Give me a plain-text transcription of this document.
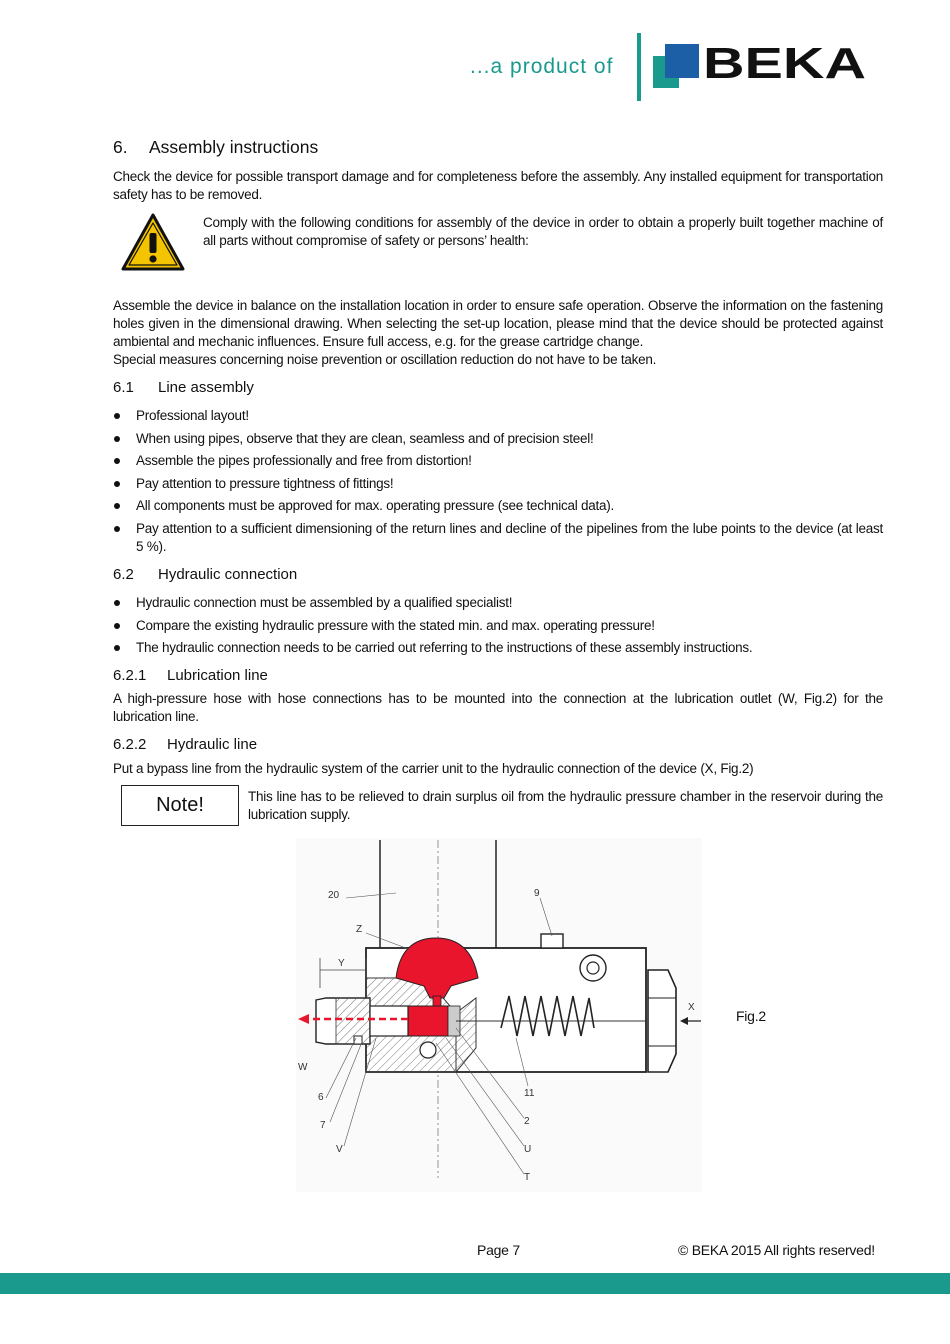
...a product of BEKA
6. Assembly instructions
Check the device for possible transport damage and for completeness before the assembly. Any installed equipment for transportation safety has to be removed.
Comply with the following conditions for assembly of the device in order to obtain a properly built together machine of all parts without compromise of safety or persons’ health:
Assemble the device in balance on the installation location in order to ensure safe operation. Observe the information on the fastening holes given in the dimensional drawing. When selecting the set-up location, please mind that the device should be protected against ambiental and mechanic influences. Ensure full access, e.g. for the grease cartridge change.
Special measures concerning noise prevention or oscillation reduction do not have to be taken.
6.1 Line assembly
Professional layout!
When using pipes, observe that they are clean, seamless and of precision steel!
Assemble the pipes professionally and free from distortion!
Pay attention to pressure tightness of fittings!
All components must be approved for max. operating pressure (see technical data).
Pay attention to a sufficient dimensioning of the return lines and decline of the pipelines from the lube points to the device (at least 5 %).
6.2 Hydraulic connection
Hydraulic connection must be assembled by a qualified specialist!
Compare the existing hydraulic pressure with the stated min. and max. operating pressure!
The hydraulic connection needs to be carried out referring to the instructions of these assembly instructions.
6.2.1 Lubrication line
A high-pressure hose with hose connections has to be mounted into the connection at the lubrication outlet (W, Fig.2) for the lubrication line.
6.2.2 Hydraulic line
Put a bypass line from the hydraulic system of the carrier unit to the hydraulic connection of the device (X, Fig.2)
Note!	This line has to be relieved to drain surplus oil from the hydraulic pressure chamber in the reservoir during the lubrication supply.
20	9
Z
Y
X
W
6
7
V
11
2
U
T
Fig.2
Page 7	© BEKA 2015 All rights reserved!
